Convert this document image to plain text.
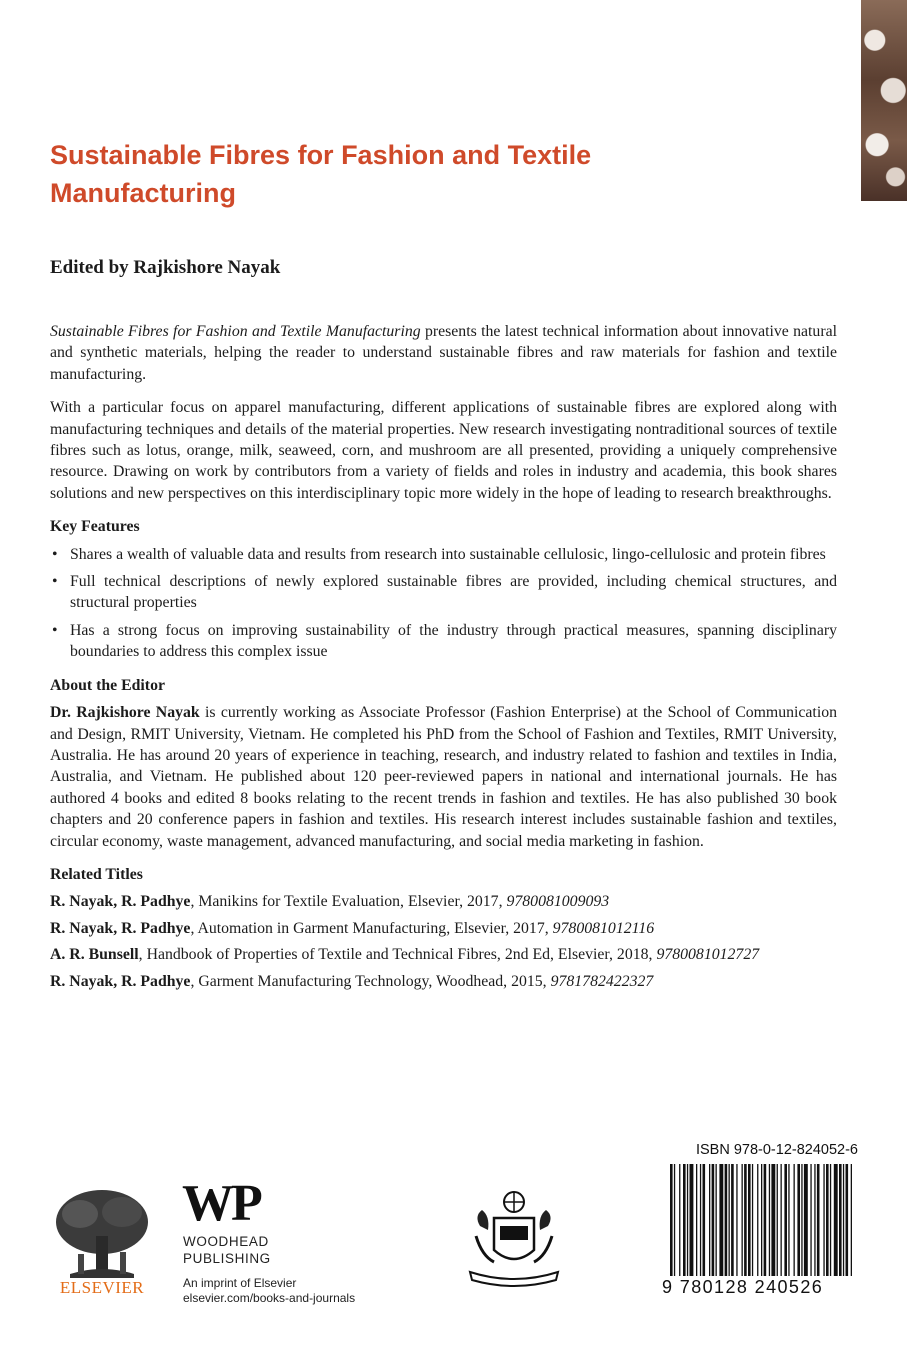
Sustainable Fibres for Fashion and Textile Manufacturing
Edited by Rajkishore Nayak

Sustainable Fibres for Fashion and Textile Manufacturing presents the latest technical information about innovative natural and synthetic materials, helping the reader to understand sustainable fibres and raw materials for fashion and textile manufacturing.

With a particular focus on apparel manufacturing, different applications of sustainable fibres are explored along with manufacturing techniques and details of the material properties. New research investigating nontraditional sources of textile fibres such as lotus, orange, milk, seaweed, corn, and mushroom are all presented, providing a uniquely comprehensive resource. Drawing on work by contributors from a variety of fields and roles in industry and academia, this book shares solutions and new perspectives on this interdisciplinary topic more widely in the hope of leading to research breakthroughs.

Key Features
• Shares a wealth of valuable data and results from research into sustainable cellulosic, lingo-cellulosic and protein fibres
• Full technical descriptions of newly explored sustainable fibres are provided, including chemical structures, and structural properties
• Has a strong focus on improving sustainability of the industry through practical measures, spanning disciplinary boundaries to address this complex issue
About the Editor

Dr. Rajkishore Nayak is currently working as Associate Professor (Fashion Enterprise) at the School of Communication and Design, RMIT University, Vietnam. He completed his PhD from the School of Fashion and Textiles, RMIT University, Australia. He has around 20 years of experience in teaching, research, and industry related to fashion and textiles in India, Australia, and Vietnam. He published about 120 peer-reviewed papers in national and international journals. He has authored 4 books and edited 8 books relating to the recent trends in fashion and textiles. He has also published 30 book chapters and 20 conference papers in fashion and textiles. His research interest includes sustainable fashion and textiles, circular economy, waste management, advanced manufacturing, and social media marketing in fashion.

Related Titles
R. Nayak, R. Padhye, Manikins for Textile Evaluation, Elsevier, 2017, 9780081009093
R. Nayak, R. Padhye, Automation in Garment Manufacturing, Elsevier, 2017, 9780081012116
A. R. Bunsell, Handbook of Properties of Textile and Technical Fibres, 2nd Ed, Elsevier, 2018, 9780081012727
R. Nayak, R. Padhye, Garment Manufacturing Technology, Woodhead, 2015, 9781782422327
ELSEVIER
WP
WOODHEAD
PUBLISHING
An imprint of Elsevier
elsevier.com/books-and-journals
ISBN 978-0-12-824052-6
9 780128 240526
